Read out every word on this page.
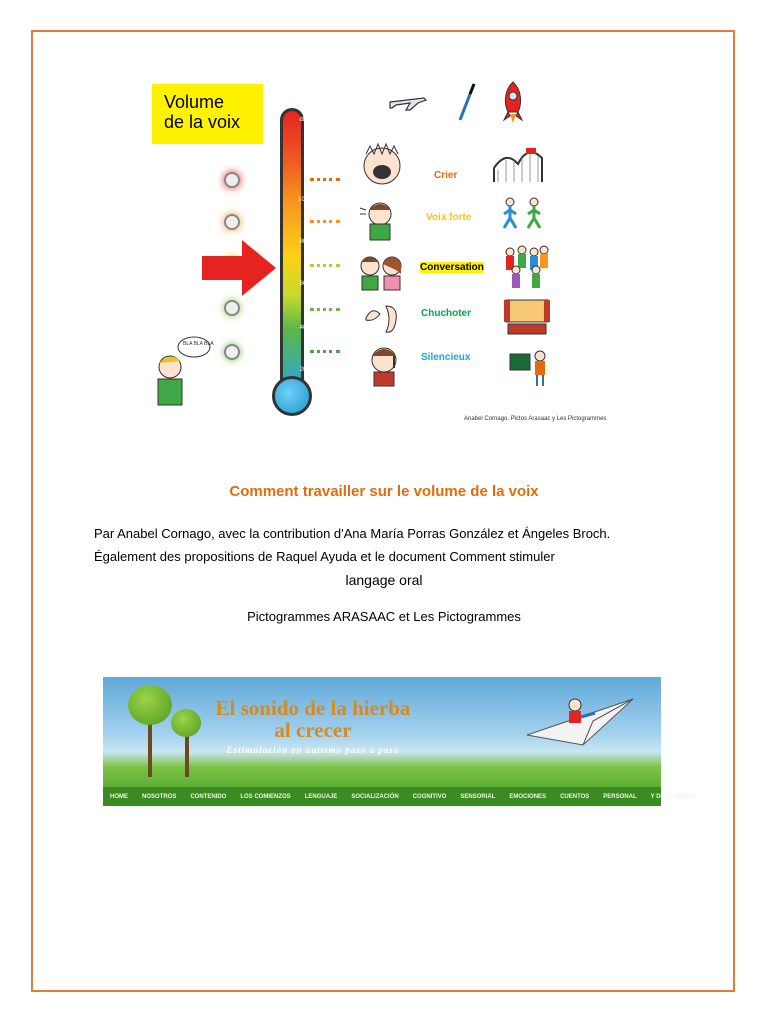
Volume
de la voix	dB
100
80
60
40
20
Crier
Voix forte
Conversation
Chuchoter
Silencieux
BLA BLA BLA
Anabel Cornago. Pictos Arasaac y Les Pictogrammes
Comment travailler sur le volume de la voix
Par Anabel Cornago, avec la contribution d'Ana María Porras González et Ángeles Broch.
Également des propositions de Raquel Ayuda et le document Comment stimuler
langage oral
Pictogrammes ARASAAC et Les Pictogrammes
El sonido de la hierba
al crecer
Estimulación en autismo paso a paso
HOME	NOSOTROS	CONTENIDO	LOS COMIENZOS	LENGUAJE	SOCIALIZACIÓN	COGNITIVO	SENSORIAL	EMOCIONES	CUENTOS	PERSONAL	Y DE LA MENTE
